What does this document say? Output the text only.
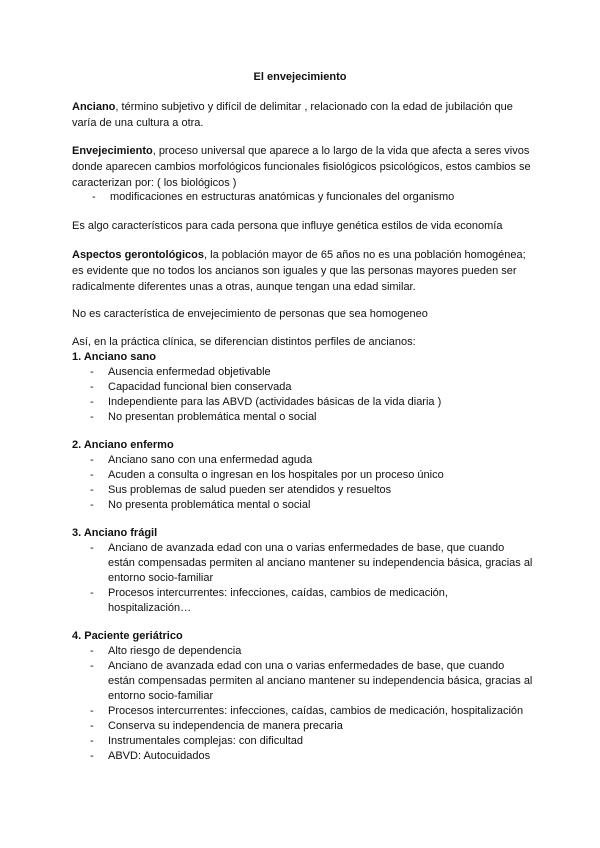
El envejecimiento
Anciano, término subjetivo y difícil de delimitar , relacionado con la edad de jubilación que varía de una cultura a otra.
Envejecimiento, proceso universal que aparece a lo largo de la vida que afecta a seres vivos donde aparecen cambios morfológicos funcionales fisiológicos psicológicos, estos cambios se caracterizan por: ( los biológicos )
- modificaciones en estructuras anatómicas y funcionales del organismo
Es algo característicos para cada persona que influye genética estilos de vida economía
Aspectos gerontológicos, la población mayor de 65 años no es una población homogénea; es evidente que no todos los ancianos son iguales y que las personas mayores pueden ser radicalmente diferentes unas a otras, aunque tengan una edad similar.
No es característica de envejecimiento de personas que sea homogeneo
Así, en la práctica clínica, se diferencian distintos perfiles de ancianos:
1. Anciano sano
- Ausencia enfermedad objetivable
- Capacidad funcional bien conservada
- Independiente para las ABVD (actividades básicas de la vida diaria )
- No presentan problemática mental o social
2. Anciano enfermo
- Anciano sano con una enfermedad aguda
- Acuden a consulta o ingresan en los hospitales por un proceso único
- Sus problemas de salud pueden ser atendidos y resueltos
- No presenta problemática mental o social
3. Anciano frágil
- Anciano de avanzada edad con una o varias enfermedades de base, que cuando están compensadas permiten al anciano mantener su independencia básica, gracias al entorno socio-familiar
- Procesos intercurrentes: infecciones, caídas, cambios de medicación, hospitalización…
4. Paciente geriátrico
- Alto riesgo de dependencia
- Anciano de avanzada edad con una o varias enfermedades de base, que cuando están compensadas permiten al anciano mantener su independencia básica, gracias al entorno socio-familiar
- Procesos intercurrentes: infecciones, caídas, cambios de medicación, hospitalización
- Conserva su independencia de manera precaria
- Instrumentales complejas: con dificultad
- ABVD: Autocuidados
